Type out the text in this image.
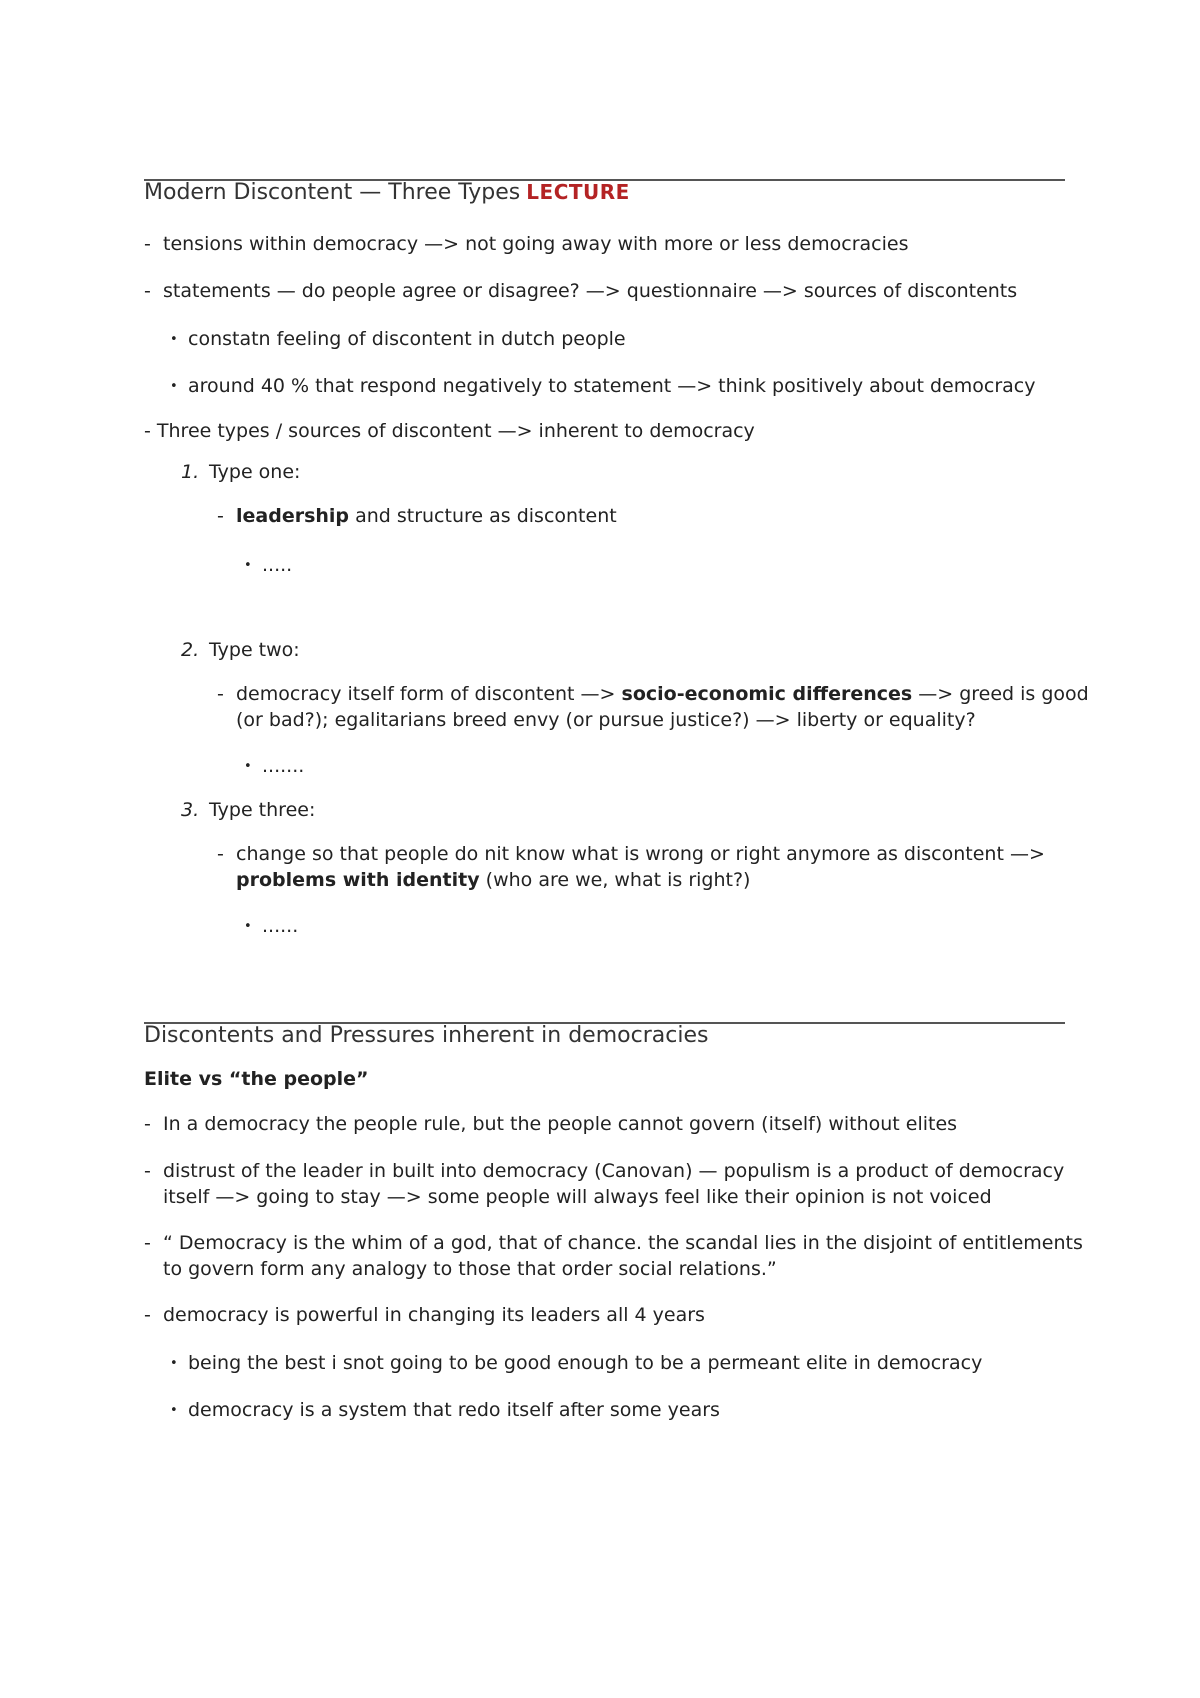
Modern Discontent — Three Types LECTURE
- tensions within democracy —> not going away with more or less democracies
- statements — do people agree or disagree? —> questionnaire —> sources of discontents
• constatn feeling of discontent in dutch people
• around 40 % that respond negatively to statement —> think positively about democracy
- Three types / sources of discontent —> inherent to democracy
1. Type one:
- leadership and structure as discontent
• .....
2. Type two:
- democracy itself form of discontent —> socio-economic differences —> greed is good
(or bad?); egalitarians breed envy (or pursue justice?) —> liberty or equality?
• .......
3. Type three:
- change so that people do nit know what is wrong or right anymore as discontent —>
problems with identity (who are we, what is right?)
• ......
Discontents and Pressures inherent in democracies
Elite vs “the people”
- In a democracy the people rule, but the people cannot govern (itself) without elites
- distrust of the leader in built into democracy (Canovan) — populism is a product of democracy
itself —> going to stay —> some people will always feel like their opinion is not voiced
- “ Democracy is the whim of a god, that of chance. the scandal lies in the disjoint of entitlements
to govern form any analogy to those that order social relations.”
- democracy is powerful in changing its leaders all 4 years
• being the best i snot going to be good enough to be a permeant elite in democracy
• democracy is a system that redo itself after some years
